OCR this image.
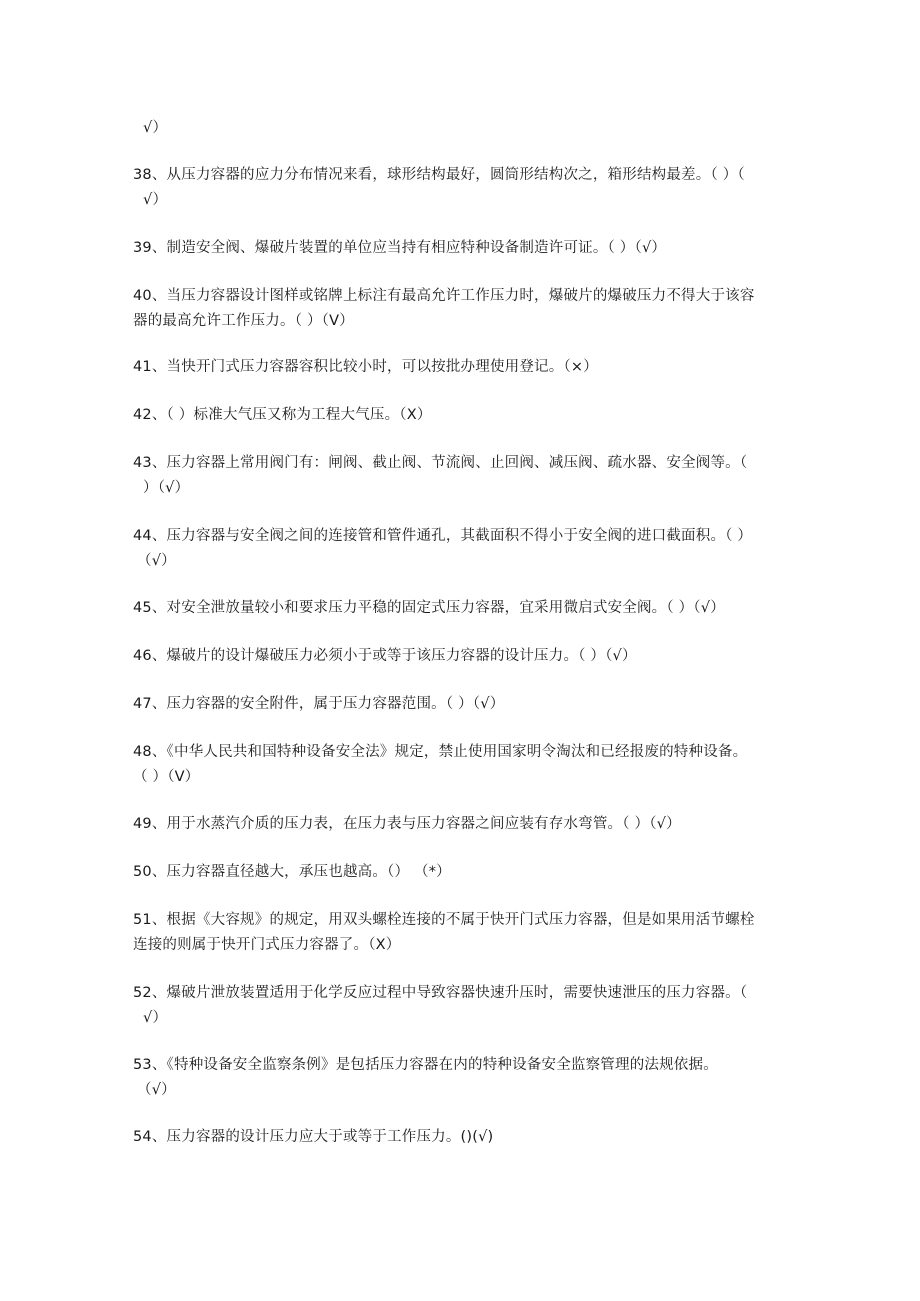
√）

38、从压力容器的应力分布情况来看，球形结构最好，圆筒形结构次之，箱形结构最差。（ ）（
√）

39、制造安全阀、爆破片装置的单位应当持有相应特种设备制造许可证。（ ）（√）

40、当压力容器设计图样或铭牌上标注有最高允许工作压力时，爆破片的爆破压力不得大于该容
器的最高允许工作压力。（ ）（V）

41、当快开门式压力容器容积比较小时，可以按批办理使用登记。（×）

42、（ ）标准大气压又称为工程大气压。（X）

43、压力容器上常用阀门有：闸阀、截止阀、节流阀、止回阀、减压阀、疏水器、安全阀等。（
）（√）

44、压力容器与安全阀之间的连接管和管件通孔，其截面积不得小于安全阀的进口截面积。（ ）
（√）

45、对安全泄放量较小和要求压力平稳的固定式压力容器，宜采用微启式安全阀。（ ）（√）

46、爆破片的设计爆破压力必须小于或等于该压力容器的设计压力。（ ）（√）

47、压力容器的安全附件，属于压力容器范围。（ ）（√）

48、《中华人民共和国特种设备安全法》规定，禁止使用国家明令淘汰和已经报废的特种设备。
（ ）（V）

49、用于水蒸汽介质的压力表，在压力表与压力容器之间应装有存水弯管。（ ）（√）

50、压力容器直径越大，承压也越高。（） （*）

51、根据《大容规》的规定，用双头螺栓连接的不属于快开门式压力容器，但是如果用活节螺栓
连接的则属于快开门式压力容器了。（X）

52、爆破片泄放装置适用于化学反应过程中导致容器快速升压时，需要快速泄压的压力容器。（
√）

53、《特种设备安全监察条例》是包括压力容器在内的特种设备安全监察管理的法规依据。
（√）

54、压力容器的设计压力应大于或等于工作压力。()(√)
